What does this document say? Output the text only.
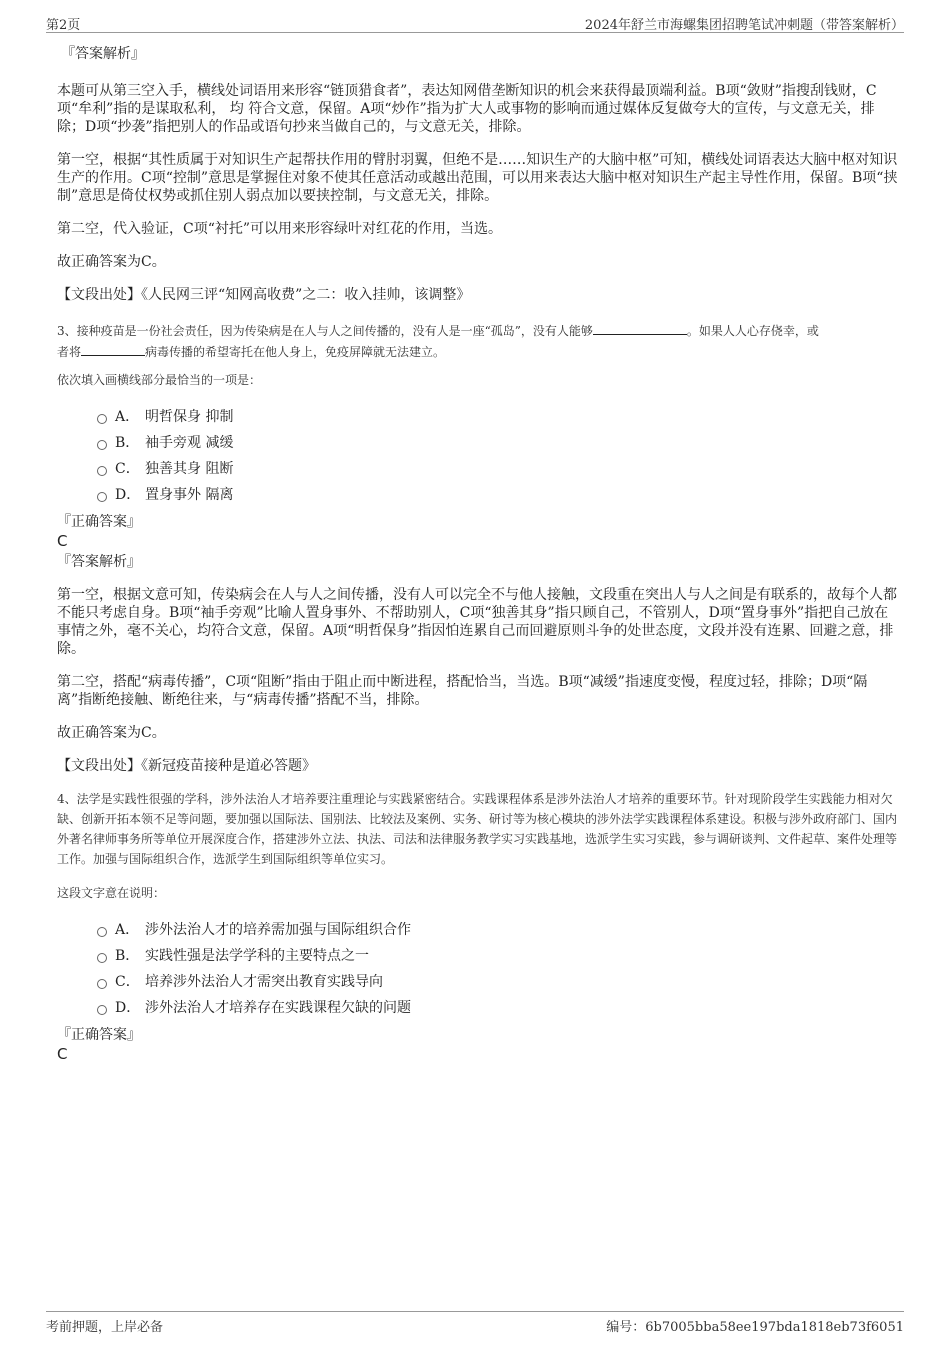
第2页	2024年舒兰市海螺集团招聘笔试冲刺题（带答案解析）

『答案解析』

本题可从第三空入手，横线处词语用来形容“链顶猎食者”，表达知网借垄断知识的机会来获得最顶端利益。B项“敛财”指搜刮钱财，C项“牟利”指的是谋取私利， 均 符合文意，保留。A项“炒作”指为扩大人或事物的影响而通过媒体反复做夸大的宣传，与文意无关，排除；D项“抄袭”指把别人的作品或语句抄来当做自己的，与文意无关，排除。

第一空，根据“其性质属于对知识生产起帮扶作用的臂肘羽翼，但绝不是……知识生产的大脑中枢”可知，横线处词语表达大脑中枢对知识生产的作用。C项“控制”意思是掌握住对象不使其任意活动或越出范围，可以用来表达大脑中枢对知识生产起主导性作用，保留。B项“挟制”意思是倚仗权势或抓住别人弱点加以要挟控制，与文意无关，排除。

第二空，代入验证，C项“衬托”可以用来形容绿叶对红花的作用，当选。

故正确答案为C。

【文段出处】《人民网三评“知网高收费”之二：收入挂帅，该调整》

3、接种疫苗是一份社会责任，因为传染病是在人与人之间传播的，没有人是一座“孤岛”，没有人能够	。如果人人心存侥幸，或
者将	病毒传播的希望寄托在他人身上，免疫屏障就无法建立。

依次填入画横线部分最恰当的一项是：

A． 明哲保身 抑制
B． 袖手旁观 减缓
C． 独善其身 阻断
D． 置身事外 隔离

『正确答案』

C

『答案解析』

第一空，根据文意可知，传染病会在人与人之间传播，没有人可以完全不与他人接触，文段重在突出人与人之间是有联系的，故每个人都不能只考虑自身。B项“袖手旁观”比喻人置身事外、不帮助别人，C项“独善其身”指只顾自己，不管别人，D项“置身事外”指把自己放在事情之外，毫不关心，均符合文意，保留。A项“明哲保身”指因怕连累自己而回避原则斗争的处世态度，文段并没有连累、回避之意，排除。

第二空，搭配“病毒传播”，C项“阻断”指由于阻止而中断进程，搭配恰当，当选。B项“减缓”指速度变慢，程度过轻，排除；D项“隔离”指断绝接触、断绝往来，与“病毒传播”搭配不当，排除。

故正确答案为C。

【文段出处】《新冠疫苗接种是道必答题》

4、法学是实践性很强的学科，涉外法治人才培养要注重理论与实践紧密结合。实践课程体系是涉外法治人才培养的重要环节。针对现阶段学生实践能力相对欠缺、创新开拓本领不足等问题，要加强以国际法、国别法、比较法及案例、实务、研讨等为核心模块的涉外法学实践课程体系建设。积极与涉外政府部门、国内外著名律师事务所等单位开展深度合作，搭建涉外立法、执法、司法和法律服务教学实习实践基地，选派学生实习实践，参与调研谈判、文件起草、案件处理等工作。加强与国际组织合作，选派学生到国际组织等单位实习。

这段文字意在说明：

A． 涉外法治人才的培养需加强与国际组织合作
B． 实践性强是法学学科的主要特点之一
C． 培养涉外法治人才需突出教育实践导向
D． 涉外法治人才培养存在实践课程欠缺的问题

『正确答案』

C

考前押题，上岸必备	编号：6b7005bba58ee197bda1818eb73f6051
